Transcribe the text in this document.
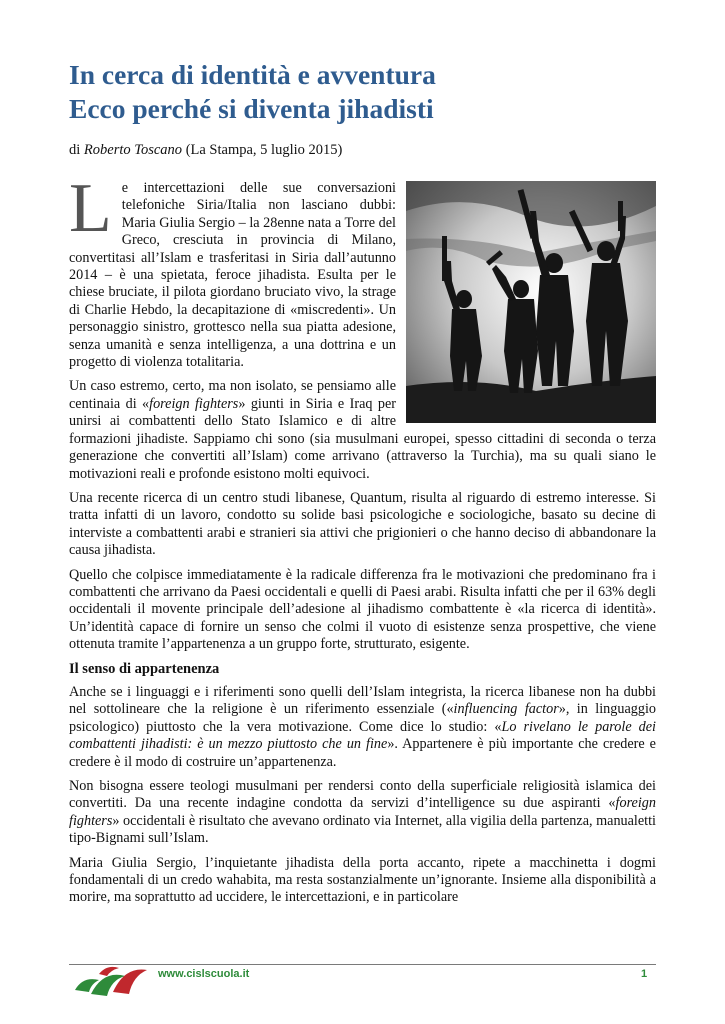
In cerca di identità e avventura
Ecco perché si diventa jihadisti
di Roberto Toscano (La Stampa, 5 luglio 2015)

Le intercettazioni delle sue conversazioni telefoniche Siria/Italia non lasciano dubbi: Maria Giulia Sergio – la 28enne nata a Torre del Greco, cresciuta in provincia di Milano, convertitasi all’Islam e trasferitasi in Siria dall’autunno 2014 – è una spietata, feroce jihadista. Esulta per le chiese bruciate, il pilota giordano bruciato vivo, la strage di Charlie Hebdo, la decapitazione di «miscredenti». Un personaggio sinistro, grottesco nella sua piatta adesione, senza umanità e senza intelligenza, a una dottrina e un progetto di violenza totalitaria.

Un caso estremo, certo, ma non isolato, se pensiamo alle centinaia di «foreign fighters» giunti in Siria e Iraq per unirsi ai combattenti dello Stato Islamico e di altre formazioni jihadiste. Sappiamo chi sono (sia musulmani europei, spesso cittadini di seconda o terza generazione che convertiti all’Islam) come arrivano (attraverso la Turchia), ma su quali siano le motivazioni reali e profonde esistono molti equivoci.

Una recente ricerca di un centro studi libanese, Quantum, risulta al riguardo di estremo interesse. Si tratta infatti di un lavoro, condotto su solide basi psicologiche e sociologiche, basato su decine di interviste a combattenti arabi e stranieri sia attivi che prigionieri o che hanno deciso di abbandonare la causa jihadista.

Quello che colpisce immediatamente è la radicale differenza fra le motivazioni che predominano fra i combattenti che arrivano da Paesi occidentali e quelli di Paesi arabi. Risulta infatti che per il 63% degli occidentali il movente principale dell’adesione al jihadismo combattente è «la ricerca di identità». Un’identità capace di fornire un senso che colmi il vuoto di esistenze senza prospettive, che viene ottenuta tramite l’appartenenza a un gruppo forte, strutturato, esigente.

Il senso di appartenenza

Anche se i linguaggi e i riferimenti sono quelli dell’Islam integrista, la ricerca libanese non ha dubbi nel sottolineare che la religione è un riferimento essenziale («influencing factor», in linguaggio psicologico) piuttosto che la vera motivazione. Come dice lo studio: «Lo rivelano le parole dei combattenti jihadisti: è un mezzo piuttosto che un fine». Appartenere è più importante che credere e credere è il modo di costruire un’appartenenza.

Non bisogna essere teologi musulmani per rendersi conto della superficiale religiosità islamica dei convertiti. Da una recente indagine condotta da servizi d’intelligence su due aspiranti «foreign fighters» occidentali è risultato che avevano ordinato via Internet, alla vigilia della partenza, manualetti tipo-Bignami sull’Islam.

Maria Giulia Sergio, l’inquietante jihadista della porta accanto, ripete a macchinetta i dogmi fondamentali di un credo wahabita, ma resta sostanzialmente un’ignorante. Insieme alla disponibilità a morire, ma soprattutto ad uccidere, le intercettazioni, e in particolare

www.cislscuola.it	1
